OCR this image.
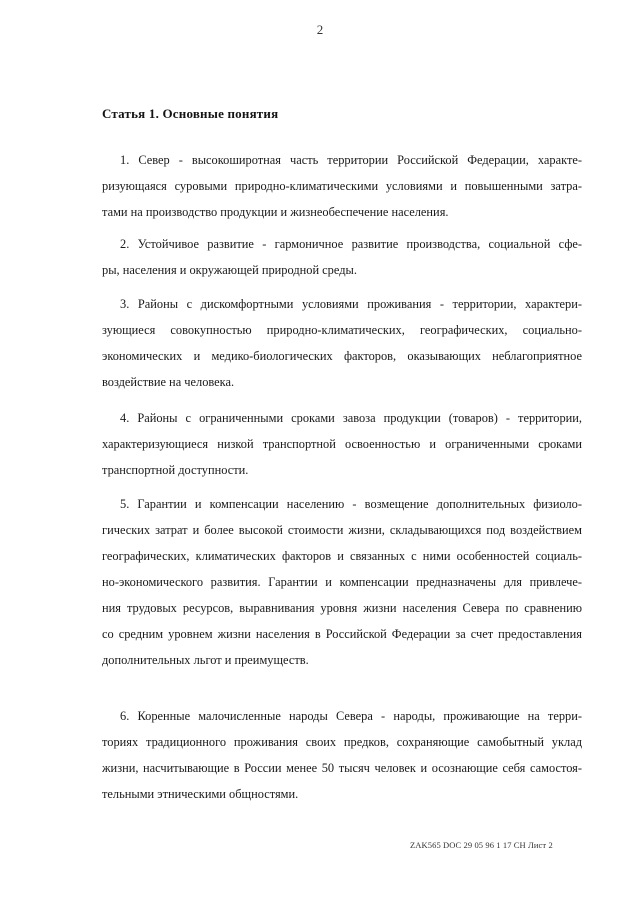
2
Статья 1. Основные понятия
1. Север - высокоширотная часть территории Российской Федерации, характе-
ризующаяся суровыми природно-климатическими условиями и повышенными затра-
тами на производство продукции и жизнеобеспечение населения.
2. Устойчивое развитие - гармоничное развитие производства, социальной сфе-
ры, населения и окружающей природной среды.
3. Районы с дискомфортными условиями проживания - территории, характери-
зующиеся совокупностью природно-климатических, географических, социально-
экономических и медико-биологических факторов, оказывающих неблагоприятное
воздействие на человека.
4. Районы с ограниченными сроками завоза продукции (товаров) - территории,
характеризующиеся низкой транспортной освоенностью и ограниченными сроками
транспортной доступности.
5. Гарантии и компенсации населению - возмещение дополнительных физиоло-
гических затрат и более высокой стоимости жизни, складывающихся под воздействием
географических, климатических факторов и связанных с ними особенностей социаль-
но-экономического развития. Гарантии и компенсации предназначены для привлече-
ния трудовых ресурсов, выравнивания уровня жизни населения Севера по сравнению
со средним уровнем жизни населения в Российской Федерации за счет предоставления
дополнительных льгот и преимуществ.
6. Коренные малочисленные народы Севера - народы, проживающие на терри-
ториях традиционного проживания своих предков, сохраняющие самобытный уклад
жизни, насчитывающие в России менее 50 тысяч человек и осознающие себя самостоя-
тельными этническими общностями.
ZAK565 DOC 29 05 96 1 17 CH Лист 2
